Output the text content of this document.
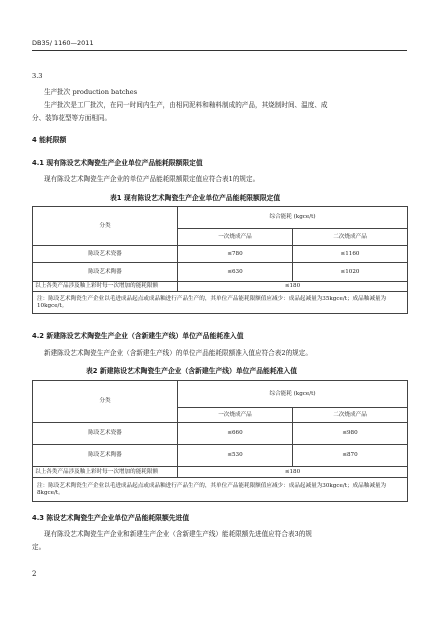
DB35/ 1160—2011
3.3
生产批次 production batches
生产批次是工厂批次，在同一时间内生产，由相同泥料和釉料制成的产品，其烧制时间、温度、成
分、装饰花型等方面相同。
4 能耗限额
4.1 现有陈设艺术陶瓷生产企业单位产品能耗限额限定值
现有陈设艺术陶瓷生产企业的单位产品能耗限额限定值应符合表1的规定。
表1 现有陈设艺术陶瓷生产企业单位产品能耗限额限定值
分类	综合能耗 (kgce/t)	
	一次烧成产品	二次烧成产品
陈设艺术瓷器	≤780	≤1160
陈设艺术陶器	≤630	≤1020
以上各类产品涉及釉上彩时每一次增加的能耗限额	≤180	
注：陈设艺术陶瓷生产企业以毛进成品起点或成品釉进行产品生产的，其单位产品能耗限额值应减少：成品起减量为35kgce/t；成品釉减量为10kgce/t。		
4.2 新建陈设艺术陶瓷生产企业（含新建生产线）单位产品能耗准入值
新建陈设艺术陶瓷生产企业（含新建生产线）的单位产品能耗限额准入值应符合表2的规定。
表2 新建陈设艺术陶瓷生产企业（含新建生产线）单位产品能耗准入值
分类	综合能耗 (kgce/t)	
	一次烧成产品	二次烧成产品
陈设艺术瓷器	≤660	≤980
陈设艺术陶器	≤530	≤870
以上各类产品涉及釉上彩时每一次增加的能耗限额	≤180	
注：陈设艺术陶瓷生产企业以毛进成品起点或成品釉进行产品生产的，其单位产品能耗限额值应减少：成品起减量为30kgce/t；成品釉减量为8kgce/t。		
4.3 陈设艺术陶瓷生产企业单位产品能耗限额先进值
现有陈设艺术陶瓷生产企业和新建生产企业（含新建生产线）能耗限额先进值应符合表3的规
定。
2
